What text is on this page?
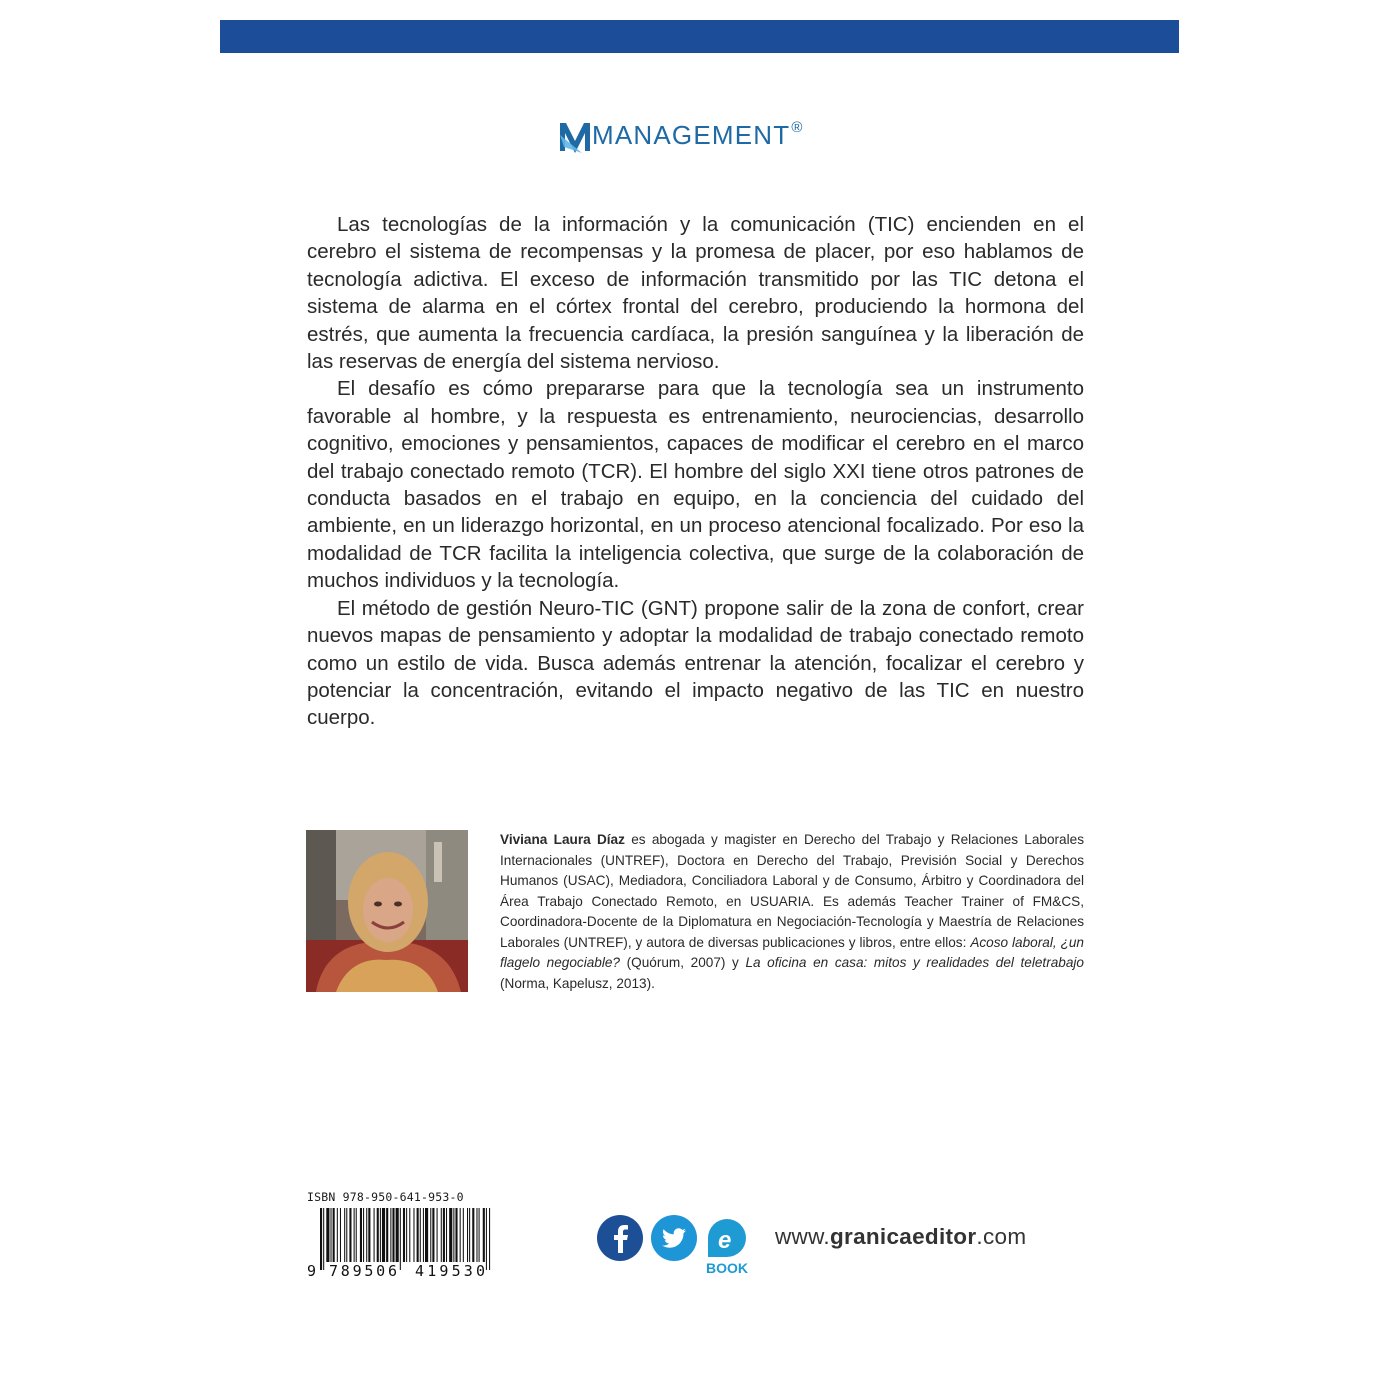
MANAGEMENT®

Las tecnologías de la información y la comunicación (TIC) encienden en el cerebro el sistema de recompensas y la promesa de placer, por eso hablamos de tecnología adictiva. El exceso de información transmitido por las TIC detona el sistema de alarma en el córtex frontal del cerebro, produciendo la hormona del estrés, que aumenta la frecuencia cardíaca, la presión sanguínea y la liberación de las reservas de energía del sistema nervioso.

El desafío es cómo prepararse para que la tecnología sea un instrumento favorable al hombre, y la respuesta es entrenamiento, neurociencias, desarrollo cognitivo, emociones y pensamientos, capaces de modificar el cerebro en el marco del trabajo conectado remoto (TCR). El hombre del siglo XXI tiene otros patrones de conducta basados en el trabajo en equipo, en la conciencia del cuidado del ambiente, en un liderazgo horizontal, en un proceso atencional focalizado. Por eso la modalidad de TCR facilita la inteligencia colectiva, que surge de la colaboración de muchos individuos y la tecnología.

El método de gestión Neuro-TIC (GNT) propone salir de la zona de confort, crear nuevos mapas de pensamiento y adoptar la modalidad de trabajo conectado remoto como un estilo de vida. Busca además entrenar la atención, focalizar el cerebro y potenciar la concentración, evitando el impacto negativo de las TIC en nuestro cuerpo.

Viviana Laura Díaz es abogada y magister en Derecho del Trabajo y Relaciones Laborales Internacionales (UNTREF), Doctora en Derecho del Trabajo, Previsión Social y Derechos Humanos (USAC), Mediadora, Conciliadora Laboral y de Consumo, Árbitro y Coordinadora del Área Trabajo Conectado Remoto, en USUARIA. Es además Teacher Trainer of FM&CS, Coordinadora-Docente de la Diplomatura en Negociación-Tecnología y Maestría de Relaciones Laborales (UNTREF), y autora de diversas publicaciones y libros, entre ellos: Acoso laboral, ¿un flagelo negociable? (Quórum, 2007) y La oficina en casa: mitos y realidades del teletrabajo (Norma, Kapelusz, 2013).
ISBN 978-950-641-953-0
9 789506 419530
e
BOOK
www.granicaeditor.com
